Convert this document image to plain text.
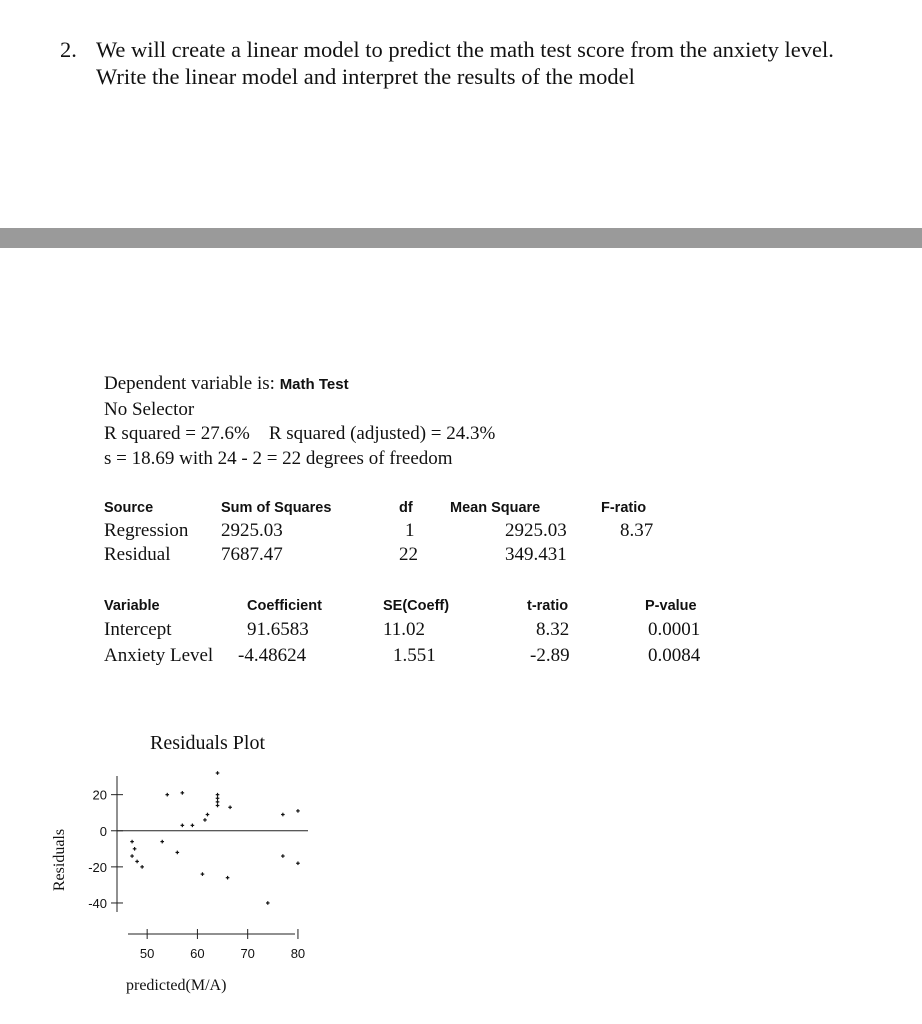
2. We will create a linear model to predict the math test score from the anxiety level.
Write the linear model and interpret the results of the model
Dependent variable is: Math Test
No Selector
R squared = 27.6% R squared (adjusted) = 24.3%
s = 18.69 with 24 - 2 = 22 degrees of freedom
Source	Sum of Squares	df	Mean Square	F-ratio
Regression 2925.03	1	2925.03	8.37
Residual	7687.47	22	349.431
Variable	Coefficient	SE(Coeff)	t-ratio	P-value
Intercept	91.6583	11.02	8.32	0.0001
Anxiety Level -4.48624	1.551	-2.89	0.0084
Residuals Plot
20
0
-20
-40
50	60	70	80
Residuals
predicted(M/A)
